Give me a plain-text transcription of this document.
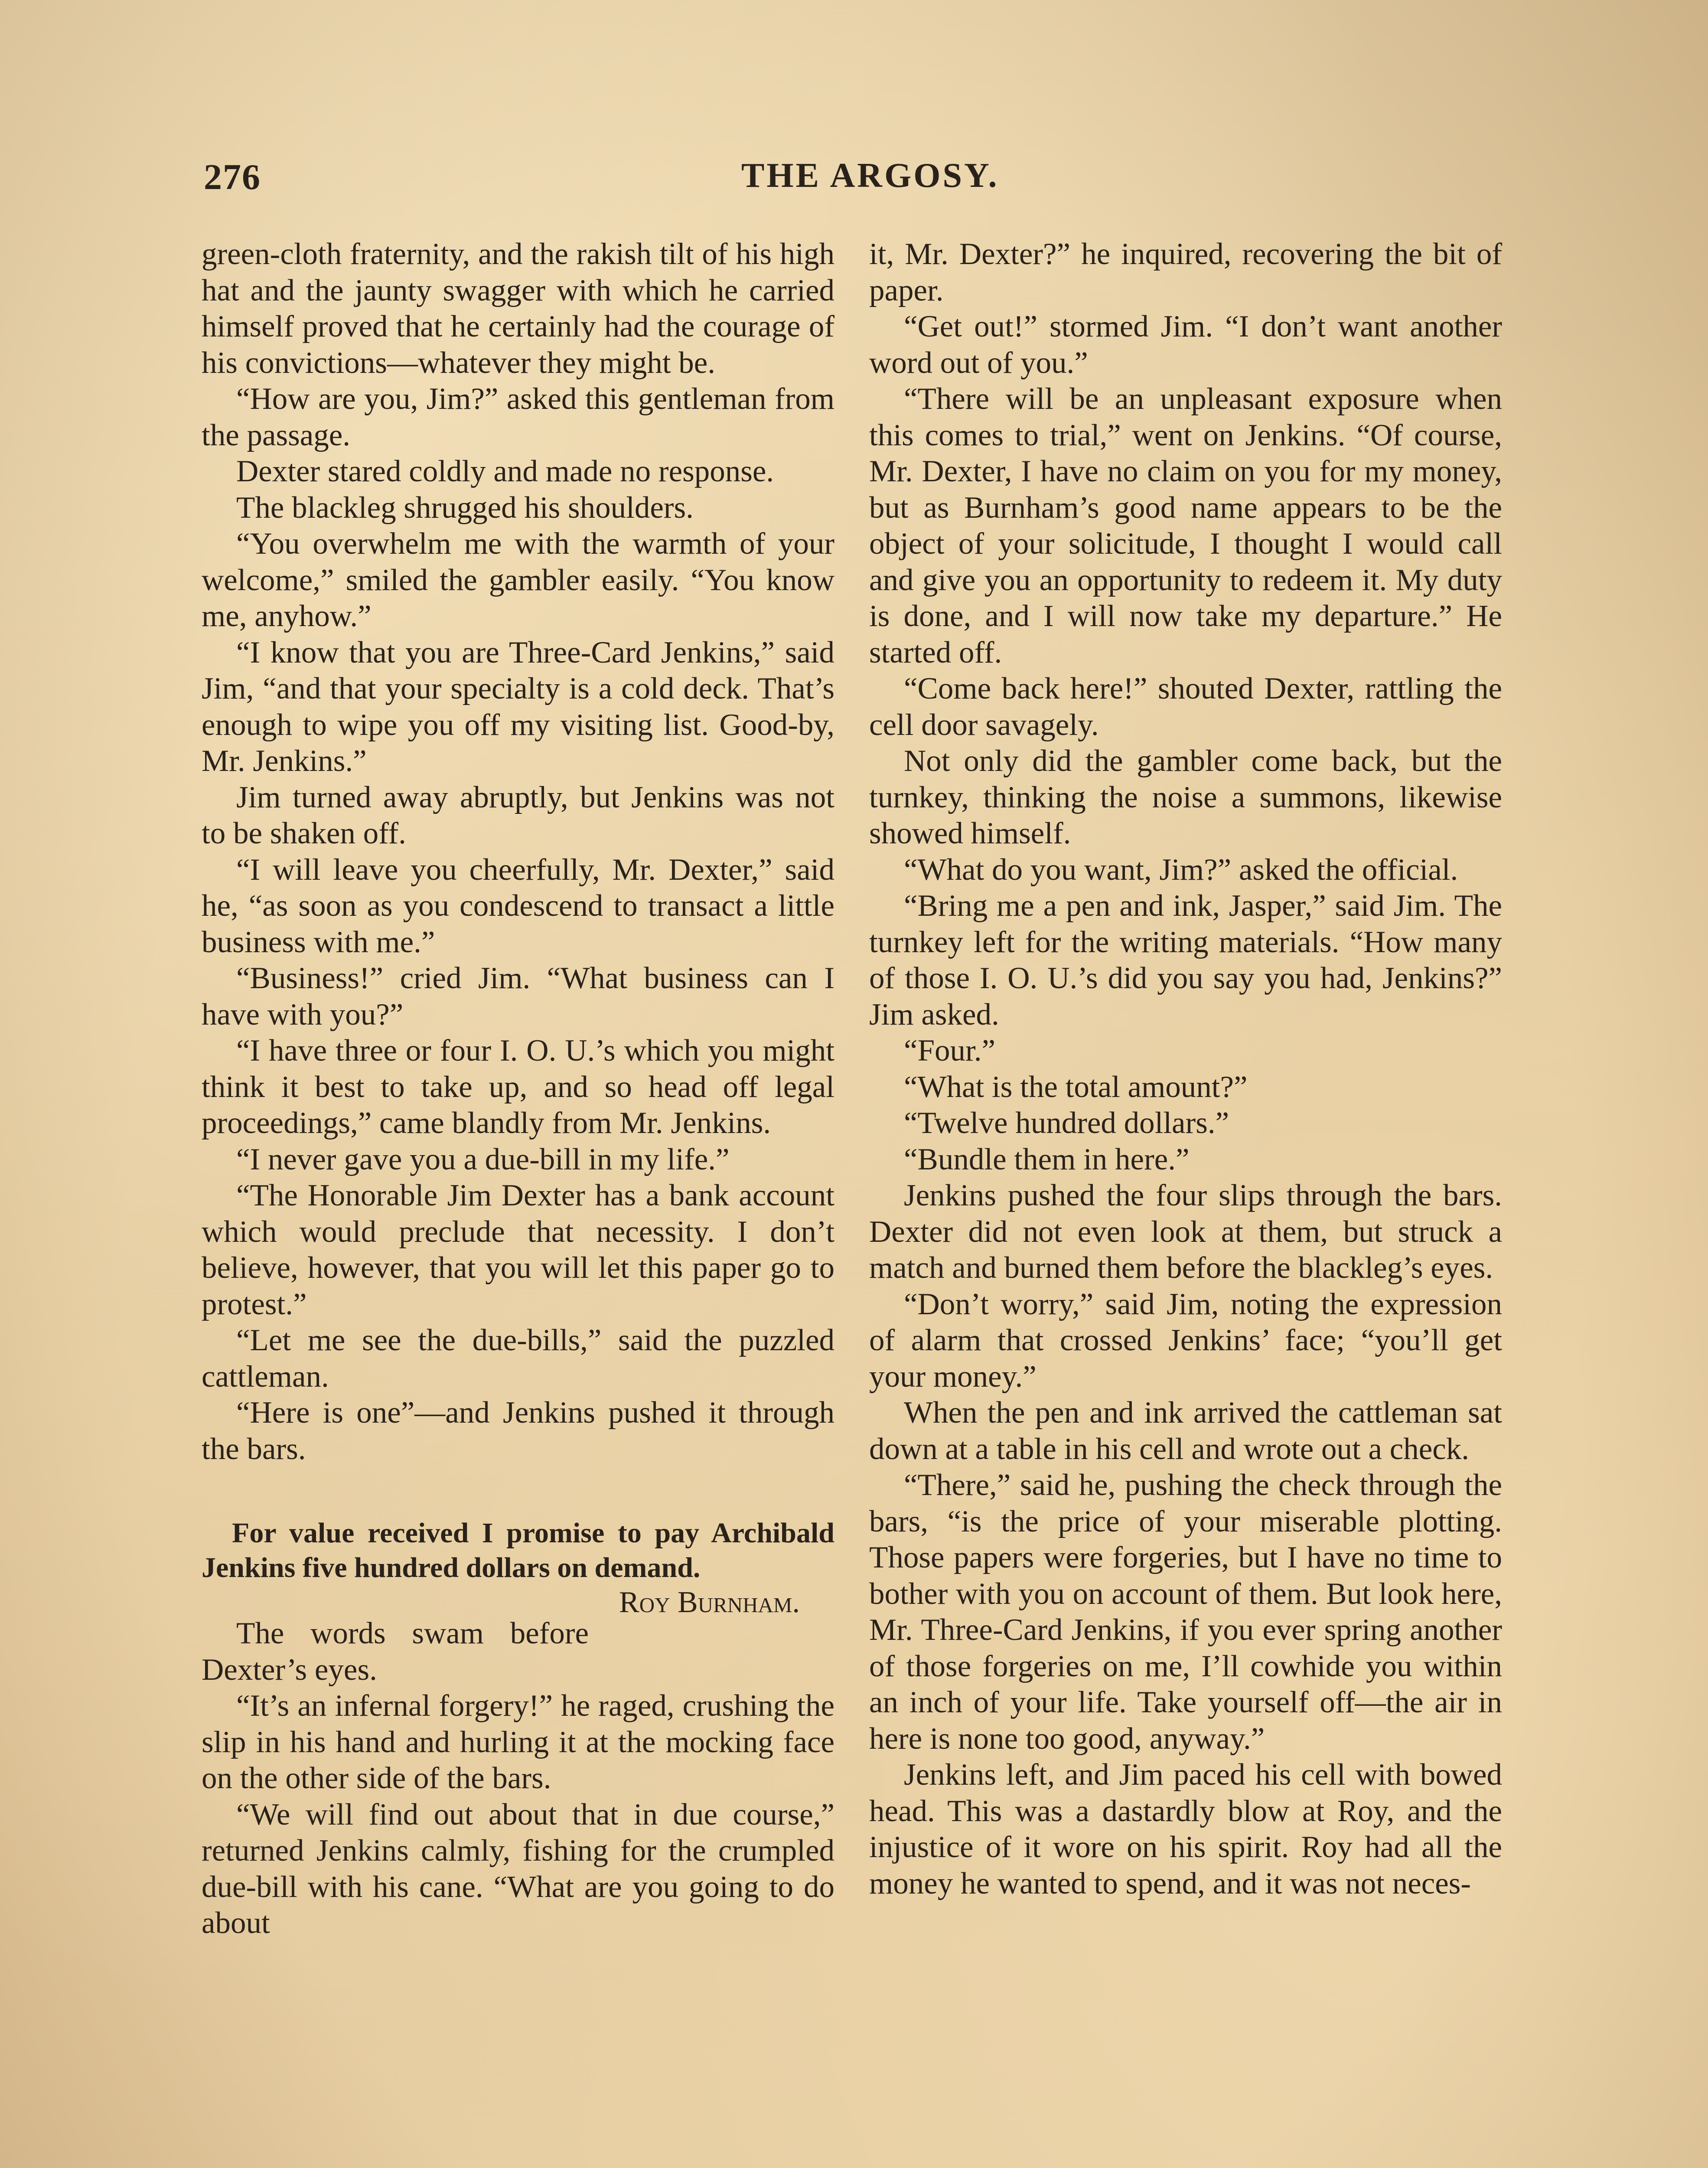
276	THE ARGOSY.

green-cloth fraternity, and the rakish tilt of his high hat and the jaunty swagger with which he carried himself proved that he certainly had the courage of his convictions—whatever they might be.

“How are you, Jim?” asked this gentleman from the passage.

Dexter stared coldly and made no response.

The blackleg shrugged his shoulders.

“You overwhelm me with the warmth of your welcome,” smiled the gambler easily. “You know me, anyhow.”

“I know that you are Three-Card Jenkins,” said Jim, “and that your specialty is a cold deck. That’s enough to wipe you off my visiting list. Good-by, Mr. Jenkins.”

Jim turned away abruptly, but Jenkins was not to be shaken off.

“I will leave you cheerfully, Mr. Dexter,” said he, “as soon as you condescend to transact a little business with me.”

“Business!” cried Jim. “What business can I have with you?”

“I have three or four I. O. U.’s which you might think it best to take up, and so head off legal proceedings,” came blandly from Mr. Jenkins.

“I never gave you a due-bill in my life.”

“The Honorable Jim Dexter has a bank account which would preclude that necessity. I don’t believe, however, that you will let this paper go to protest.”

“Let me see the due-bills,” said the puzzled cattleman.

“Here is one”—and Jenkins pushed it through the bars.

For value received I promise to pay Archibald Jenkins five hundred dollars on demand.
Roy Burnham.

The words swam before Dexter’s eyes.

“It’s an infernal forgery!” he raged, crushing the slip in his hand and hurling it at the mocking face on the other side of the bars.

“We will find out about that in due course,” returned Jenkins calmly, fishing for the crumpled due-bill with his cane. “What are you going to do about

it, Mr. Dexter?” he inquired, recovering the bit of paper.

“Get out!” stormed Jim. “I don’t want another word out of you.”

“There will be an unpleasant exposure when this comes to trial,” went on Jenkins. “Of course, Mr. Dexter, I have no claim on you for my money, but as Burnham’s good name appears to be the object of your solicitude, I thought I would call and give you an opportunity to redeem it. My duty is done, and I will now take my departure.” He started off.

“Come back here!” shouted Dexter, rattling the cell door savagely.

Not only did the gambler come back, but the turnkey, thinking the noise a summons, likewise showed himself.

“What do you want, Jim?” asked the official.

“Bring me a pen and ink, Jasper,” said Jim. The turnkey left for the writing materials. “How many of those I. O. U.’s did you say you had, Jenkins?” Jim asked.

“Four.”

“What is the total amount?”

“Twelve hundred dollars.”

“Bundle them in here.”

Jenkins pushed the four slips through the bars. Dexter did not even look at them, but struck a match and burned them before the blackleg’s eyes.

“Don’t worry,” said Jim, noting the expression of alarm that crossed Jenkins’ face; “you’ll get your money.”

When the pen and ink arrived the cattleman sat down at a table in his cell and wrote out a check.

“There,” said he, pushing the check through the bars, “is the price of your miserable plotting. Those papers were forgeries, but I have no time to bother with you on account of them. But look here, Mr. Three-Card Jenkins, if you ever spring another of those forgeries on me, I’ll cowhide you within an inch of your life. Take yourself off—the air in here is none too good, anyway.”

Jenkins left, and Jim paced his cell with bowed head. This was a dastardly blow at Roy, and the injustice of it wore on his spirit. Roy had all the money he wanted to spend, and it was not neces-
